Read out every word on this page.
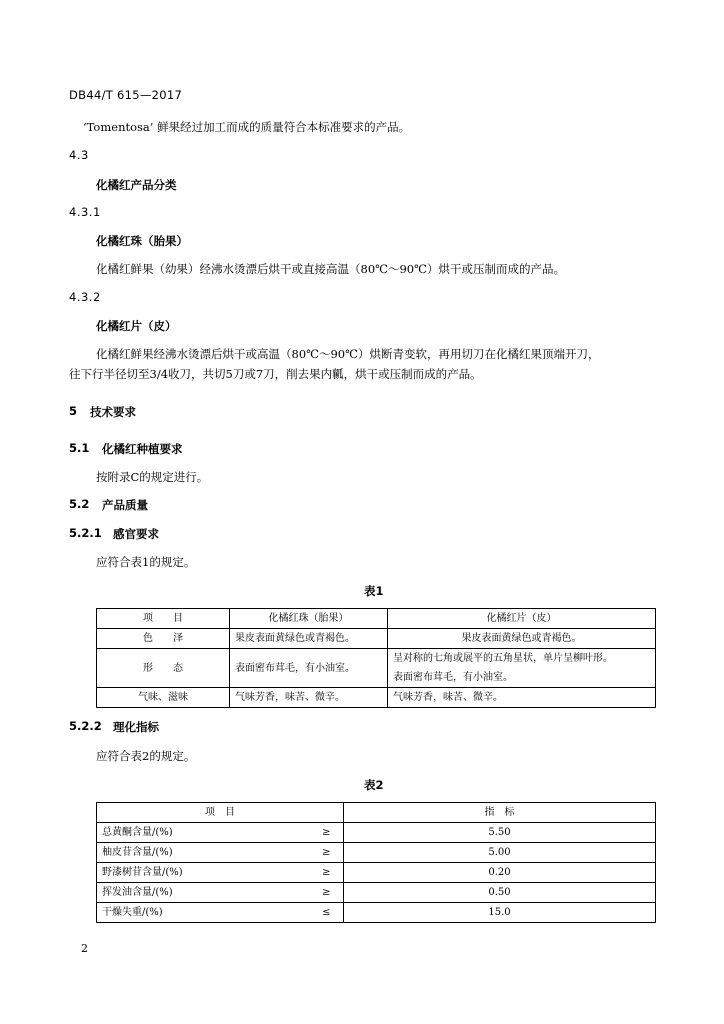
DB44/T 615—2017
‘Tomentosa’ 鲜果经过加工而成的质量符合本标准要求的产品。
4.3
化橘红产品分类
4.3.1
化橘红珠（胎果）
化橘红鲜果（幼果）经沸水烫漂后烘干或直接高温（80℃～90℃）烘干或压制而成的产品。
4.3.2
化橘红片（皮）
化橘红鲜果经沸水烫漂后烘干或高温（80℃～90℃）烘断青变软，再用切刀在化橘红果顶端开刀，
往下行半径切至3/4收刀，共切5刀或7刀，削去果内瓤，烘干或压制而成的产品。
5 技术要求
5.1 化橘红种植要求
按附录C的规定进行。
5.2 产品质量
5.2.1 感官要求
应符合表1的规定。
表1
项　　目	化橘红珠（胎果）	化橘红片（皮）
色　　泽	果皮表面黄绿色或青褐色。	果皮表面黄绿色或青褐色。
形　　态	表面密布茸毛，有小油室。	呈对称的七角或展平的五角星状，单片呈柳叶形。
表面密布茸毛，有小油室。

气味、滋味	气味芳香，味苦、微辛。	气味芳香，味苦、微辛。
5.2.2 理化指标
应符合表2的规定。
表2
项　目		指　标
总黄酮含量/(%)	≥	5.50
柚皮苷含量/(%)	≥	5.00
野漆树苷含量/(%)	≥	0.20
挥发油含量/(%)	≥	0.50
干燥失重/(%)	≤	15.0
2
